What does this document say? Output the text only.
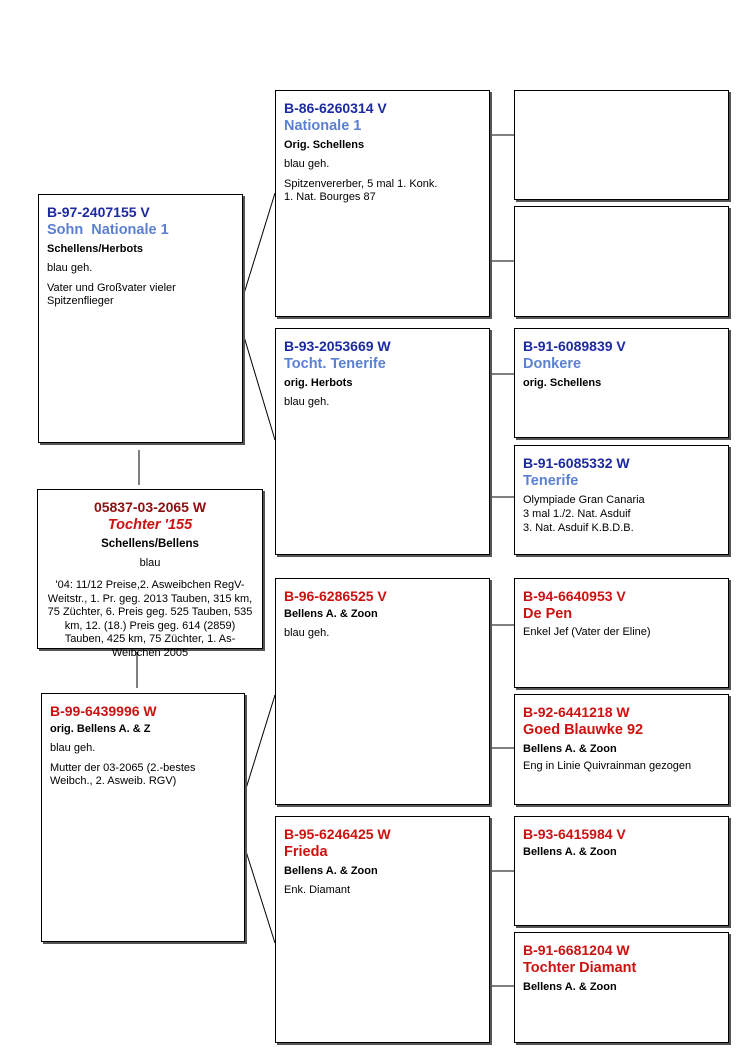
B-97-2407155 V
Sohn  Nationale 1
Schellens/Herbots
blau geh.
Vater und Großvater vieler Spitzenflieger
05837-03-2065 W
Tochter '155
Schellens/Bellens
blau
'04: 11/12 Preise,2. Asweibchen RegV-Weitstr., 1. Pr. geg. 2013 Tauben, 315 km, 75 Züchter, 6. Preis geg. 525 Tauben, 535 km, 12. (18.) Preis geg. 614 (2859) Tauben, 425 km, 75 Züchter, 1. As-Weibchen 2005
B-99-6439996 W
orig. Bellens A. & Z
blau geh.
Mutter der 03-2065 (2.-bestes Weibch., 2. Asweib. RGV)
B-86-6260314 V
Nationale 1
Orig. Schellens
blau geh.
Spitzenvererber, 5 mal 1. Konk.
1. Nat. Bourges 87
B-93-2053669 W
Tocht. Tenerife
orig. Herbots
blau geh.
B-96-6286525 V
Bellens A. & Zoon
blau geh.
B-95-6246425 W
Frieda
Bellens A. & Zoon
Enk. Diamant
B-91-6089839 V
Donkere
orig. Schellens
B-91-6085332 W
Tenerife
Olympiade Gran Canaria
3 mal 1./2. Nat. Asduif
3. Nat. Asduif K.B.D.B.
B-94-6640953 V
De Pen
Enkel Jef (Vater der Eline)
B-92-6441218 W
Goed Blauwke 92
Bellens A. & Zoon
Eng in Linie Quivrainman gezogen
B-93-6415984 V
Bellens A. & Zoon
B-91-6681204 W
Tochter Diamant
Bellens A. & Zoon
